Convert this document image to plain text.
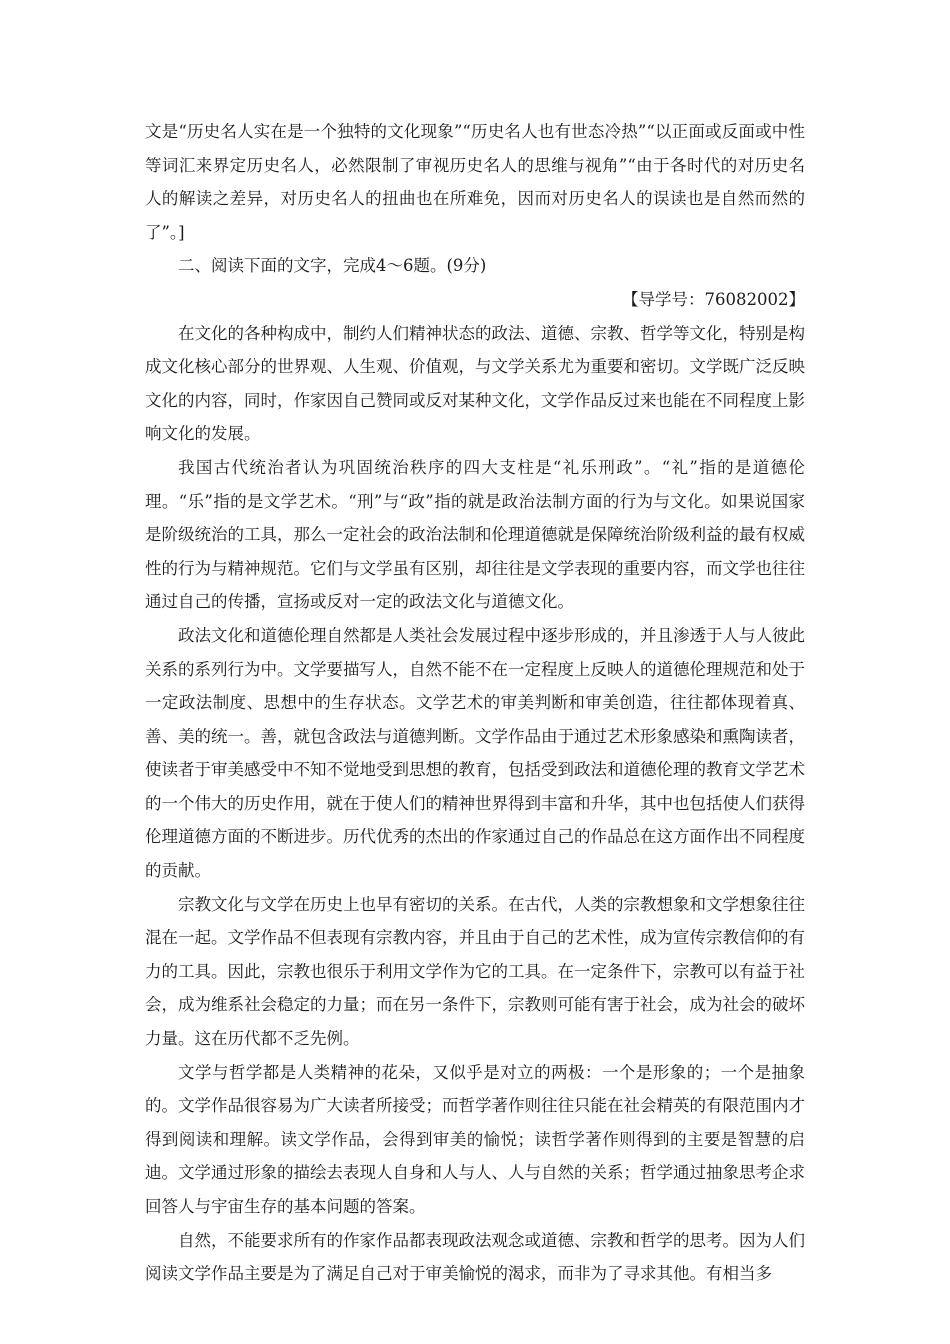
文是“历史名人实在是一个独特的文化现象”“历史名人也有世态冷热”“以正面或反面或中性等词汇来界定历史名人，必然限制了审视历史名人的思维与视角”“由于各时代的对历史名人的解读之差异，对历史名人的扭曲也在所难免，因而对历史名人的误读也是自然而然的了”。]

二、阅读下面的文字，完成4～6题。(9分)

【导学号：76082002】

在文化的各种构成中，制约人们精神状态的政法、道德、宗教、哲学等文化，特别是构成文化核心部分的世界观、人生观、价值观，与文学关系尤为重要和密切。文学既广泛反映文化的内容，同时，作家因自己赞同或反对某种文化，文学作品反过来也能在不同程度上影响文化的发展。

我国古代统治者认为巩固统治秩序的四大支柱是“礼乐刑政”。“礼”指的是道德伦理。“乐”指的是文学艺术。“刑”与“政”指的就是政治法制方面的行为与文化。如果说国家是阶级统治的工具，那么一定社会的政治法制和伦理道德就是保障统治阶级利益的最有权威性的行为与精神规范。它们与文学虽有区别，却往往是文学表现的重要内容，而文学也往往通过自己的传播，宣扬或反对一定的政法文化与道德文化。

政法文化和道德伦理自然都是人类社会发展过程中逐步形成的，并且渗透于人与人彼此关系的系列行为中。文学要描写人，自然不能不在一定程度上反映人的道德伦理规范和处于一定政法制度、思想中的生存状态。文学艺术的审美判断和审美创造，往往都体现着真、善、美的统一。善，就包含政法与道德判断。文学作品由于通过艺术形象感染和熏陶读者，使读者于审美感受中不知不觉地受到思想的教育，包括受到政法和道德伦理的教育文学艺术的一个伟大的历史作用，就在于使人们的精神世界得到丰富和升华，其中也包括使人们获得伦理道德方面的不断进步。历代优秀的杰出的作家通过自己的作品总在这方面作出不同程度的贡献。

宗教文化与文学在历史上也早有密切的关系。在古代，人类的宗教想象和文学想象往往混在一起。文学作品不但表现有宗教内容，并且由于自己的艺术性，成为宣传宗教信仰的有力的工具。因此，宗教也很乐于利用文学作为它的工具。在一定条件下，宗教可以有益于社会，成为维系社会稳定的力量；而在另一条件下，宗教则可能有害于社会，成为社会的破坏力量。这在历代都不乏先例。

文学与哲学都是人类精神的花朵，又似乎是对立的两极：一个是形象的；一个是抽象的。文学作品很容易为广大读者所接受；而哲学著作则往往只能在社会精英的有限范围内才得到阅读和理解。读文学作品，会得到审美的愉悦；读哲学著作则得到的主要是智慧的启迪。文学通过形象的描绘去表现人自身和人与人、人与自然的关系；哲学通过抽象思考企求回答人与宇宙生存的基本问题的答案。

自然，不能要求所有的作家作品都表现政法观念或道德、宗教和哲学的思考。因为人们阅读文学作品主要是为了满足自己对于审美愉悦的渴求，而非为了寻求其他。有相当多
